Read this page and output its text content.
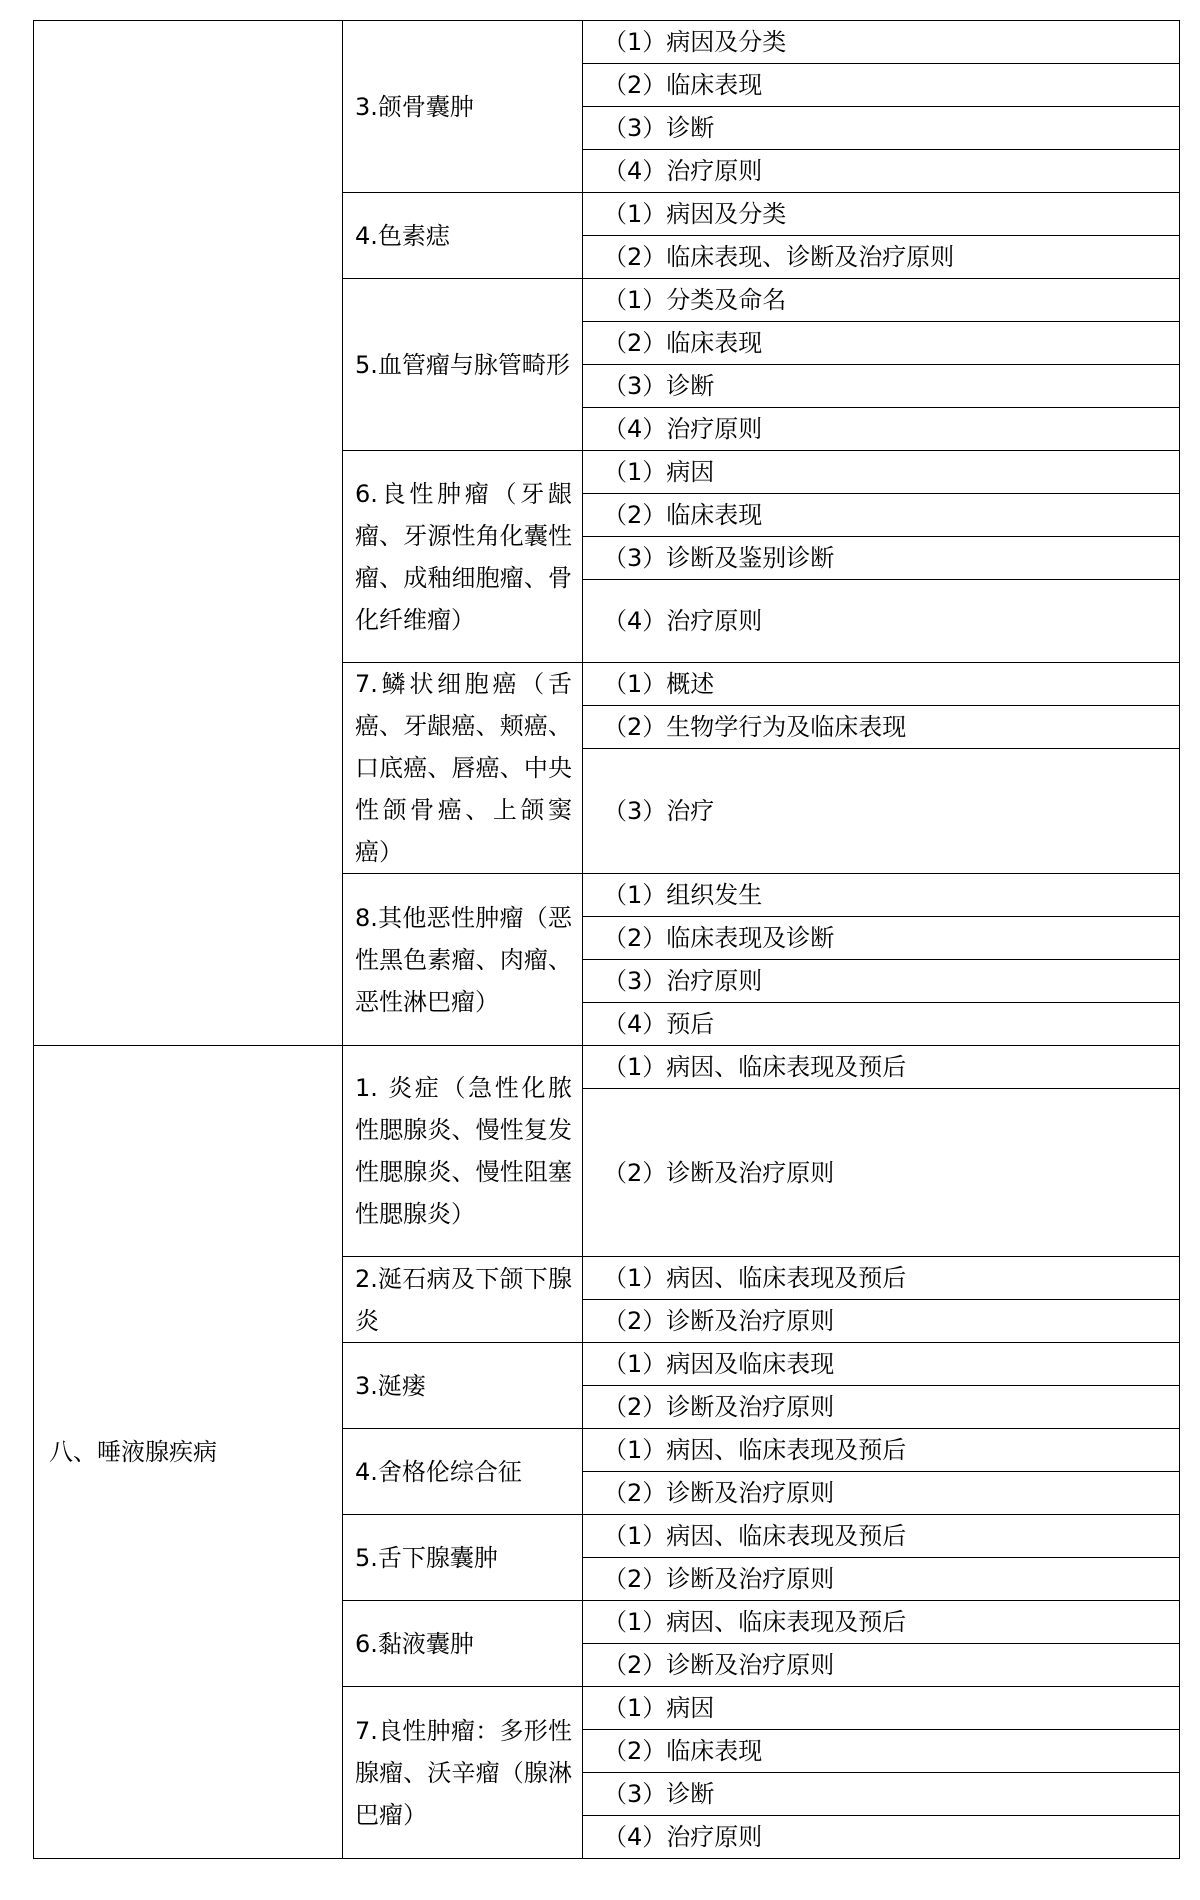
	3.颌骨囊肿	（1）病因及分类
		（2）临床表现
		（3）诊断
		（4）治疗原则
	4.色素痣	（1）病因及分类
		（2）临床表现、诊断及治疗原则
	5.血管瘤与脉管畸形	（1）分类及命名
		（2）临床表现
		（3）诊断
		（4）治疗原则
	6.良性肿瘤（牙龈瘤、牙源性角化囊性瘤、成釉细胞瘤、骨化纤维瘤）	（1）病因
		（2）临床表现
		（3）诊断及鉴别诊断
		（4）治疗原则
	7.鳞状细胞癌（舌癌、牙龈癌、颊癌、口底癌、唇癌、中央性颌骨癌、上颌窦癌）	（1）概述
		（2）生物学行为及临床表现
		（3）治疗
	8.其他恶性肿瘤（恶性黑色素瘤、肉瘤、恶性淋巴瘤）	（1）组织发生
		（2）临床表现及诊断
		（3）治疗原则
		（4）预后
八、唾液腺疾病	1. 炎症（急性化脓性腮腺炎、慢性复发性腮腺炎、慢性阻塞性腮腺炎）	（1）病因、临床表现及预后
		（2）诊断及治疗原则
	2.涎石病及下颌下腺炎	（1）病因、临床表现及预后
		（2）诊断及治疗原则
	3.涎瘘	（1）病因及临床表现
		（2）诊断及治疗原则
	4.舍格伦综合征	（1）病因、临床表现及预后
		（2）诊断及治疗原则
	5.舌下腺囊肿	（1）病因、临床表现及预后
		（2）诊断及治疗原则
	6.黏液囊肿	（1）病因、临床表现及预后
		（2）诊断及治疗原则
	7.良性肿瘤：多形性腺瘤、沃辛瘤（腺淋巴瘤）	（1）病因
		（2）临床表现
		（3）诊断
		（4）治疗原则
